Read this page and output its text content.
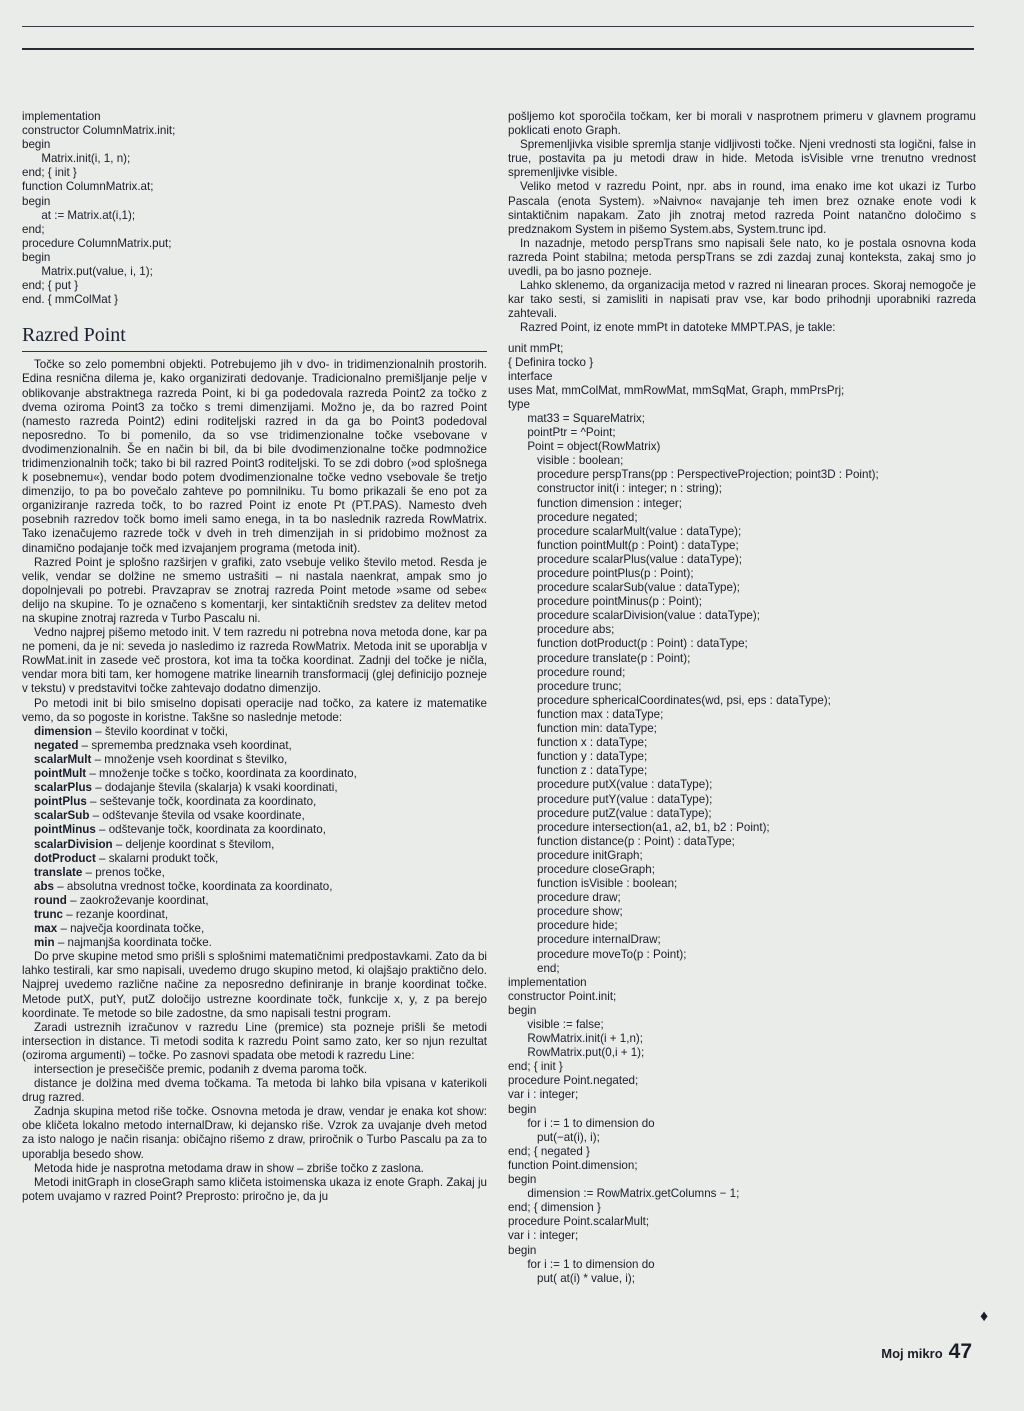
implementation
constructor ColumnMatrix.init;
begin
Matrix.init(i, 1, n);
end; { init }
function ColumnMatrix.at;
begin
at := Matrix.at(i,1);
end;
procedure ColumnMatrix.put;
begin
Matrix.put(value, i, 1);
end; { put }
end. { mmColMat }
Razred Point

Točke so zelo pomembni objekti. Potrebujemo jih v dvo- in tridimenzionalnih prostorih. Edina resnična dilema je, kako organizirati dedovanje. Tradicionalno premišljanje pelje v oblikovanje abstraktnega razreda Point, ki bi ga podedovala razreda Point2 za točko z dvema oziroma Point3 za točko s tremi dimenzijami. Možno je, da bo razred Point (namesto razreda Point2) edini roditeljski razred in da ga bo Point3 podedoval neposredno. To bi pomenilo, da so vse tridimenzionalne točke vsebovane v dvodimenzionalnih. Še en način bi bil, da bi bile dvodimenzionalne točke podmnožice tridimenzionalnih točk; tako bi bil razred Point3 roditeljski. To se zdi dobro (»od splošnega k posebnemu«), vendar bodo potem dvodimenzionalne točke vedno vsebovale še tretjo dimenzijo, to pa bo povečalo zahteve po pomnilniku. Tu bomo prikazali še eno pot za organiziranje razreda točk, to bo razred Point iz enote Pt (PT.PAS). Namesto dveh posebnih razredov točk bomo imeli samo enega, in ta bo naslednik razreda RowMatrix. Tako izenačujemo razrede točk v dveh in treh dimenzijah in si pridobimo možnost za dinamično podajanje točk med izvajanjem programa (metoda init).

Razred Point je splošno razširjen v grafiki, zato vsebuje veliko število metod. Resda je velik, vendar se dolžine ne smemo ustrašiti – ni nastala naenkrat, ampak smo jo dopolnjevali po potrebi. Pravzaprav se znotraj razreda Point metode »same od sebe« delijo na skupine. To je označeno s komentarji, ker sintaktičnih sredstev za delitev metod na skupine znotraj razreda v Turbo Pascalu ni.

Vedno najprej pišemo metodo init. V tem razredu ni potrebna nova metoda done, kar pa ne pomeni, da je ni: seveda jo nasledimo iz razreda RowMatrix. Metoda init se uporablja v RowMat.init in zasede več prostora, kot ima ta točka koordinat. Zadnji del točke je ničla, vendar mora biti tam, ker homogene matrike linearnih transformacij (glej definicijo pozneje v tekstu) v predstavitvi točke zahtevajo dodatno dimenzijo.

Po metodi init bi bilo smiselno dopisati operacije nad točko, za katere iz matematike vemo, da so pogoste in koristne. Takšne so naslednje metode:

dimension – število koordinat v točki,
negated – sprememba predznaka vseh koordinat,
scalarMult – množenje vseh koordinat s številko,
pointMult – množenje točke s točko, koordinata za koordinato,
scalarPlus – dodajanje števila (skalarja) k vsaki koordinati,
pointPlus – seštevanje točk, koordinata za koordinato,
scalarSub – odštevanje števila od vsake koordinate,
pointMinus – odštevanje točk, koordinata za koordinato,
scalarDivision – deljenje koordinat s številom,
dotProduct – skalarni produkt točk,
translate – prenos točke,
abs – absolutna vrednost točke, koordinata za koordinato,
round – zaokroževanje koordinat,
trunc – rezanje koordinat,
max – največja koordinata točke,
min – najmanjša koordinata točke.

Do prve skupine metod smo prišli s splošnimi matematičnimi predpostavkami. Zato da bi lahko testirali, kar smo napisali, uvedemo drugo skupino metod, ki olajšajo praktično delo. Najprej uvedemo različne načine za neposredno definiranje in branje koordinat točke. Metode putX, putY, putZ določijo ustrezne koordinate točk, funkcije x, y, z pa berejo koordinate. Te metode so bile zadostne, da smo napisali testni program.

Zaradi ustreznih izračunov v razredu Line (premice) sta pozneje prišli še metodi intersection in distance. Ti metodi sodita k razredu Point samo zato, ker so njun rezultat (oziroma argumenti) – točke. Po zasnovi spadata obe metodi k razredu Line:

intersection je presečišče premic, podanih z dvema paroma točk.

distance je dolžina med dvema točkama. Ta metoda bi lahko bila vpisana v katerikoli drug razred.

Zadnja skupina metod riše točke. Osnovna metoda je draw, vendar je enaka kot show: obe kličeta lokalno metodo internalDraw, ki dejansko riše. Vzrok za uvajanje dveh metod za isto nalogo je način risanja: običajno rišemo z draw, priročnik o Turbo Pascalu pa za to uporablja besedo show.

Metoda hide je nasprotna metodama draw in show – zbriše točko z zaslona.

Metodi initGraph in closeGraph samo kličeta istoimenska ukaza iz enote Graph. Zakaj ju potem uvajamo v razred Point? Preprosto: priročno je, da ju

pošljemo kot sporočila točkam, ker bi morali v nasprotnem primeru v glavnem programu poklicati enoto Graph.

Spremenljivka visible spremlja stanje vidljivosti točke. Njeni vrednosti sta logični, false in true, postavita pa ju metodi draw in hide. Metoda isVisible vrne trenutno vrednost spremenljivke visible.

Veliko metod v razredu Point, npr. abs in round, ima enako ime kot ukazi iz Turbo Pascala (enota System). »Naivno« navajanje teh imen brez oznake enote vodi k sintaktičnim napakam. Zato jih znotraj metod razreda Point natančno določimo s predznakom System in pišemo System.abs, System.trunc ipd.

In nazadnje, metodo perspTrans smo napisali šele nato, ko je postala osnovna koda razreda Point stabilna; metoda perspTrans se zdi zazdaj zunaj konteksta, zakaj smo jo uvedli, pa bo jasno pozneje.

Lahko sklenemo, da organizacija metod v razred ni linearan proces. Skoraj nemogoče je kar tako sesti, si zamisliti in napisati prav vse, kar bodo prihodnji uporabniki razreda zahtevali.

Razred Point, iz enote mmPt in datoteke MMPT.PAS, je takle:

unit mmPt;
{ Definira tocko }
interface
uses Mat, mmColMat, mmRowMat, mmSqMat, Graph, mmPrsPrj;
type
mat33 = SquareMatrix;
pointPtr = ^Point;
Point = object(RowMatrix)
visible : boolean;
procedure perspTrans(pp : PerspectiveProjection; point3D : Point);
constructor init(i : integer; n : string);
function dimension : integer;
procedure negated;
procedure scalarMult(value : dataType);
function pointMult(p : Point) : dataType;
procedure scalarPlus(value : dataType);
procedure pointPlus(p : Point);
procedure scalarSub(value : dataType);
procedure pointMinus(p : Point);
procedure scalarDivision(value : dataType);
procedure abs;
function dotProduct(p : Point) : dataType;
procedure translate(p : Point);
procedure round;
procedure trunc;
procedure sphericalCoordinates(wd, psi, eps : dataType);
function max : dataType;
function min: dataType;
function x : dataType;
function y : dataType;
function z : dataType;
procedure putX(value : dataType);
procedure putY(value : dataType);
procedure putZ(value : dataType);
procedure intersection(a1, a2, b1, b2 : Point);
function distance(p : Point) : dataType;
procedure initGraph;
procedure closeGraph;
function isVisible : boolean;
procedure draw;
procedure show;
procedure hide;
procedure internalDraw;
procedure moveTo(p : Point);
end;
implementation
constructor Point.init;
begin
visible := false;
RowMatrix.init(i + 1,n);
RowMatrix.put(0,i + 1);
end; { init }
procedure Point.negated;
var i : integer;
begin
for i := 1 to dimension do
put(−at(i), i);
end; { negated }
function Point.dimension;
begin
dimension := RowMatrix.getColumns − 1;
end; { dimension }
procedure Point.scalarMult;
var i : integer;
begin
for i := 1 to dimension do
put( at(i) * value, i);
♦
Moj mikro 47
